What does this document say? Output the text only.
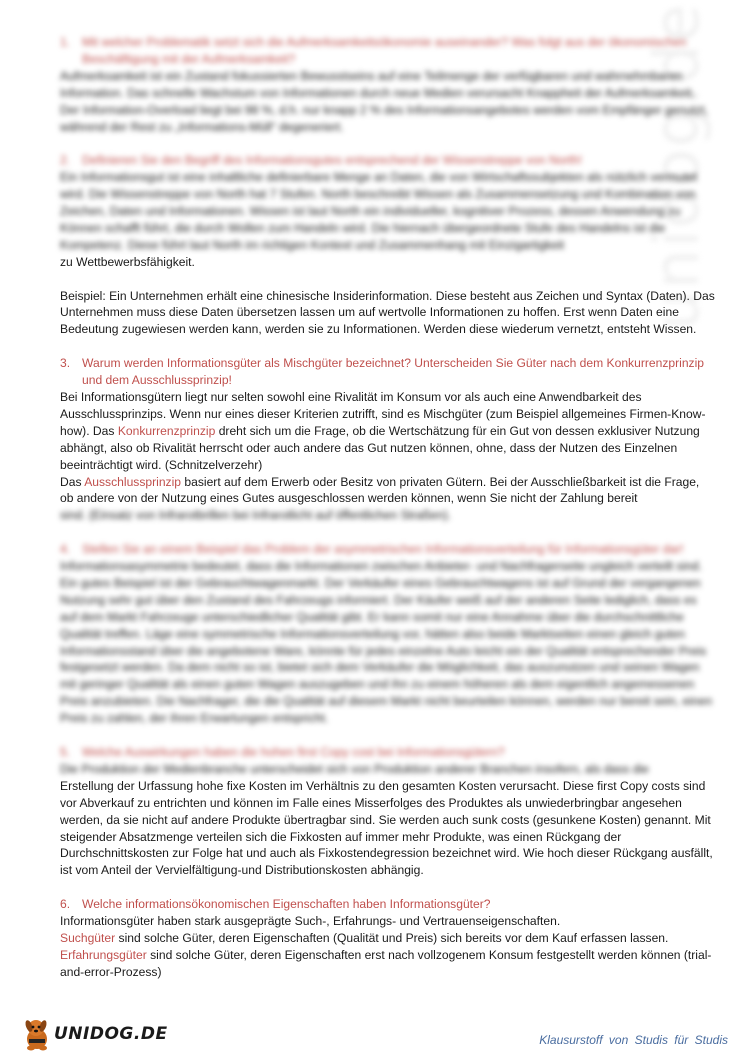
unidog.de
1. Mit welcher Problematik setzt sich die Aufmerksamkeitsökonomie auseinander? Was folgt aus der ökonomischen Beschäftigung mit der Aufmerksamkeit?

Aufmerksamkeit ist ein Zustand fokussierten Bewusstseins auf eine Teilmenge der verfügbaren und wahrnehmbaren Information. Das schnelle Wachstum von Informationen durch neue Medien verursacht Knappheit der Aufmerksamkeit. Der Information-Overload liegt bei 98 %, d.h. nur knapp 2 % des Informationsangebotes werden vom Empfänger genutzt, während der Rest zu „Informations-Müll“ degeneriert.

2. Definieren Sie den Begriff des Informationsgutes entsprechend der Wissenstreppe von North!

Ein Informationsgut ist eine inhaltliche definierbare Menge an Daten, die von Wirtschaftssubjekten als nützlich vermutet wird. Die Wissenstreppe von North hat 7 Stufen. North beschreibt Wissen als Zusammensetzung und Kombination von Zeichen, Daten und Informationen. Wissen ist laut North ein individueller, kognitiver Prozess, dessen Anwendung zu Können schafft führt, die durch Wollen zum Handeln wird. Die hiernach übergeordnete Stufe des Handelns ist die Kompetenz. Diese führt laut North im richtigen Kontext und Zusammenhang mit Einzigartigkeit

zu Wettbewerbsfähigkeit.

Beispiel: Ein Unternehmen erhält eine chinesische Insiderinformation. Diese besteht aus Zeichen und Syntax (Daten). Das Unternehmen muss diese Daten übersetzen lassen um auf wertvolle Informationen zu hoffen. Erst wenn Daten eine Bedeutung zugewiesen werden kann, werden sie zu Informationen. Werden diese wiederum vernetzt, entsteht Wissen.

3. Warum werden Informationsgüter als Mischgüter bezeichnet? Unterscheiden Sie Güter nach dem Konkurrenzprinzip und dem Ausschlussprinzip!

Bei Informationsgütern liegt nur selten sowohl eine Rivalität im Konsum vor als auch eine Anwendbarkeit des Ausschlussprinzips. Wenn nur eines dieser Kriterien zutrifft, sind es Mischgüter (zum Beispiel allgemeines Firmen-Know-how). Das Konkurrenzprinzip dreht sich um die Frage, ob die Wertschätzung für ein Gut von dessen exklusiver Nutzung abhängt, also ob Rivalität herrscht oder auch andere das Gut nutzen können, ohne, dass der Nutzen des Einzelnen beeinträchtigt wird. (Schnitzelverzehr)
Das Ausschlussprinzip basiert auf dem Erwerb oder Besitz von privaten Gütern. Bei der Ausschließbarkeit ist die Frage, ob andere von der Nutzung eines Gutes ausgeschlossen werden können, wenn Sie nicht der Zahlung bereit

sind. (Einsatz von Infrarotbrillen bei Infrarotlicht auf öffentlichen Straßen).

4. Stellen Sie an einem Beispiel das Problem der asymmetrischen Informationsverteilung für Informationsgüter dar!

Informationsasymmetrie bedeutet, dass die Informationen zwischen Anbieter- und Nachfragerseite ungleich verteilt sind. Ein gutes Beispiel ist der Gebrauchtwagenmarkt. Der Verkäufer eines Gebrauchtwagens ist auf Grund der vergangenen Nutzung sehr gut über den Zustand des Fahrzeugs informiert. Der Käufer weiß auf der anderen Seite lediglich, dass es auf dem Markt Fahrzeuge unterschiedlicher Qualität gibt. Er kann somit nur eine Annahme über die durchschnittliche Qualität treffen. Läge eine symmetrische Informationsverteilung vor, hätten also beide Marktseiten einen gleich guten Informationsstand über die angebotene Ware, könnte für jedes einzelne Auto leicht ein der Qualität entsprechender Preis festgesetzt werden. Da dem nicht so ist, bietet sich dem Verkäufer die Möglichkeit, das auszunutzen und seinen Wagen mit geringer Qualität als einen guten Wagen auszugeben und ihn zu einem höheren als dem eigentlich angemessenen Preis anzubieten. Die Nachfrager, die die Qualität auf diesem Markt nicht beurteilen können, werden nur bereit sein, einen Preis zu zahlen, der ihren Erwartungen entspricht.

5. Welche Auswirkungen haben die hohen first Copy cost bei Informationsgütern?

Die Produktion der Medienbranche unterscheidet sich von Produktion anderer Branchen insofern, als dass die

Erstellung der Urfassung hohe fixe Kosten im Verhältnis zu den gesamten Kosten verursacht. Diese first Copy costs sind vor Abverkauf zu entrichten und können im Falle eines Misserfolges des Produktes als unwiederbringbar angesehen werden, da sie nicht auf andere Produkte übertragbar sind. Sie werden auch sunk costs (gesunkene Kosten) genannt. Mit steigender Absatzmenge verteilen sich die Fixkosten auf immer mehr Produkte, was einen Rückgang der Durchschnittskosten zur Folge hat und auch als Fixkostendegression bezeichnet wird. Wie hoch dieser Rückgang ausfällt, ist vom Anteil der Vervielfältigung-und Distributionskosten abhängig.

6. Welche informationsökonomischen Eigenschaften haben Informationsgüter?

Informationsgüter haben stark ausgeprägte Such-, Erfahrungs- und Vertrauenseigenschaften.

Suchgüter sind solche Güter, deren Eigenschaften (Qualität und Preis) sich bereits vor dem Kauf erfassen lassen.

Erfahrungsgüter sind solche Güter, deren Eigenschaften erst nach vollzogenem Konsum festgestellt werden können (trial-and-error-Prozess)

UNIDOG.DE	Klausurstoff von Studis für Studis
